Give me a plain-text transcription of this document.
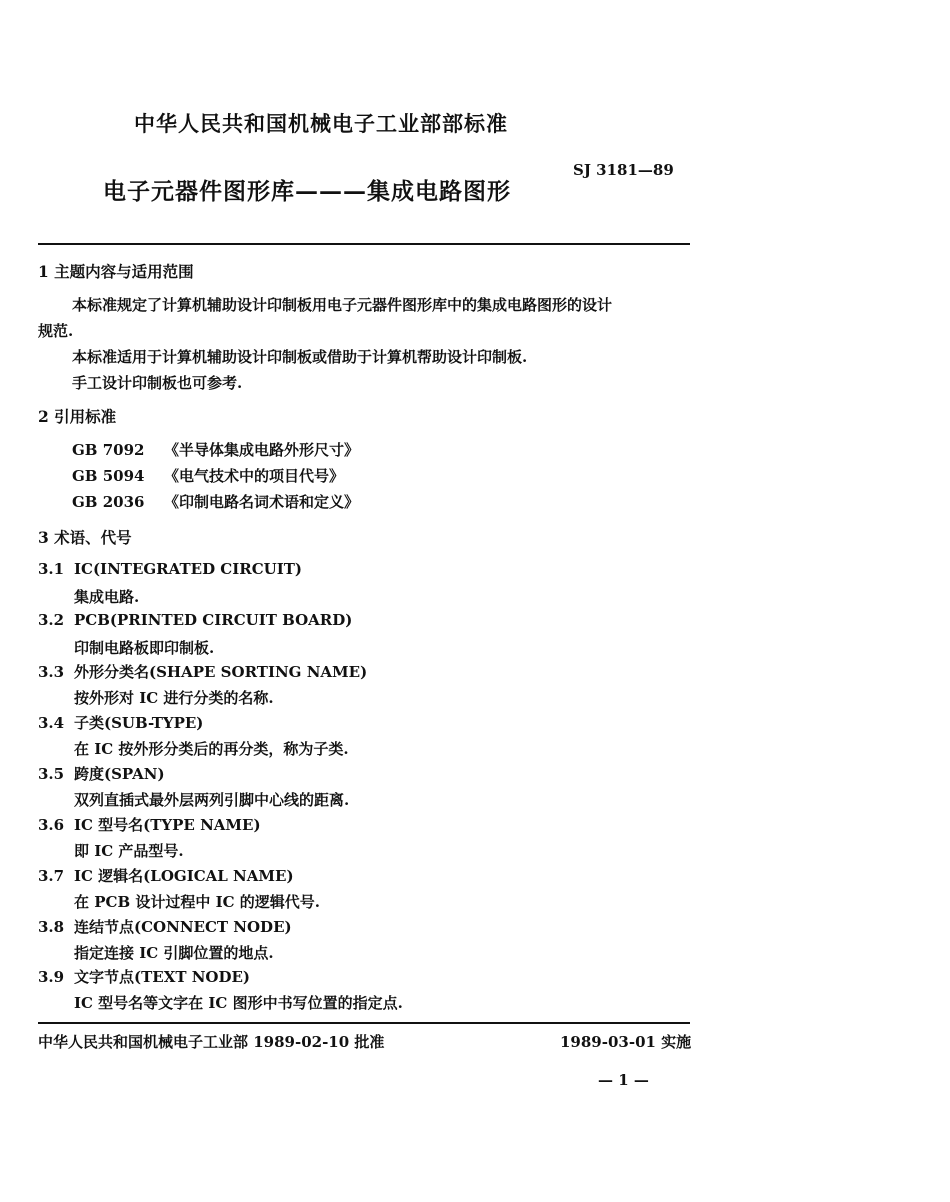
中华人民共和国机械电子工业部部标准
SJ 3181—89
电子元器件图形库———集成电路图形
1 主题内容与适用范围
本标准规定了计算机辅助设计印制板用电子元器件图形库中的集成电路图形的设计
规范.
本标准适用于计算机辅助设计印制板或借助于计算机帮助设计印制板.
手工设计印制板也可参考.
2 引用标准
GB 7092 《半导体集成电路外形尺寸》
GB 5094 《电气技术中的项目代号》
GB 2036 《印制电路名词术语和定义》
3 术语、代号
3.1 IC(INTEGRATED CIRCUIT)
集成电路.
3.2 PCB(PRINTED CIRCUIT BOARD)
印制电路板即印制板.
3.3 外形分类名(SHAPE SORTING NAME)
按外形对 IC 进行分类的名称.
3.4 子类(SUB-TYPE)
在 IC 按外形分类后的再分类，称为子类.
3.5 跨度(SPAN)
双列直插式最外层两列引脚中心线的距离.
3.6 IC 型号名(TYPE NAME)
即 IC 产品型号.
3.7 IC 逻辑名(LOGICAL NAME)
在 PCB 设计过程中 IC 的逻辑代号.
3.8 连结节点(CONNECT NODE)
指定连接 IC 引脚位置的地点.
3.9 文字节点(TEXT NODE)
IC 型号名等文字在 IC 图形中书写位置的指定点.
中华人民共和国机械电子工业部 1989-02-10 批准	1989-03-01 实施
— 1 —
